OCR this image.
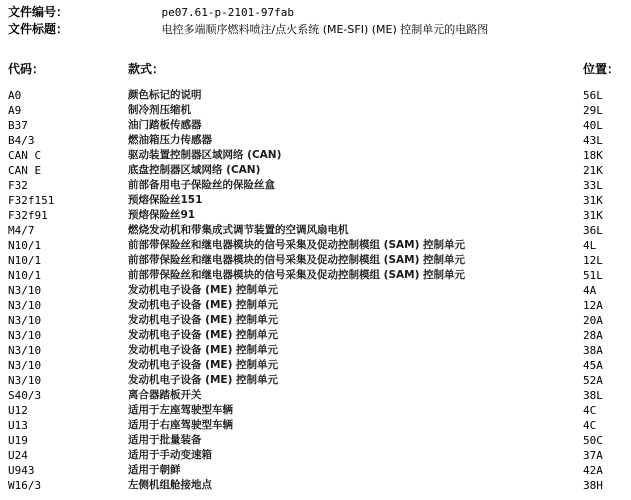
文件编号：	pe07.61-p-2101-97fab
文件标题：	电控多端顺序燃料喷注/点火系统 (ME-SFI) (ME) 控制单元的电路图
代码：	款式：	位置：
A0	颜色标记的说明	56L
A9	制冷剂压缩机	29L
B37	油门踏板传感器	40L
B4/3	燃油箱压力传感器	43L
CAN C	驱动装置控制器区域网络 (CAN)	18K
CAN E	底盘控制器区域网络 (CAN)	21K
F32	前部备用电子保险丝的保险丝盒	33L
F32f151	预熔保险丝151	31K
F32f91	预熔保险丝91	31K
M4/7	燃烧发动机和带集成式调节装置的空调风扇电机	36L
N10/1	前部带保险丝和继电器模块的信号采集及促动控制模组 (SAM) 控制单元	4L
N10/1	前部带保险丝和继电器模块的信号采集及促动控制模组 (SAM) 控制单元	12L
N10/1	前部带保险丝和继电器模块的信号采集及促动控制模组 (SAM) 控制单元	51L
N3/10	发动机电子设备 (ME) 控制单元	4A
N3/10	发动机电子设备 (ME) 控制单元	12A
N3/10	发动机电子设备 (ME) 控制单元	20A
N3/10	发动机电子设备 (ME) 控制单元	28A
N3/10	发动机电子设备 (ME) 控制单元	38A
N3/10	发动机电子设备 (ME) 控制单元	45A
N3/10	发动机电子设备 (ME) 控制单元	52A
S40/3	离合器踏板开关	38L
U12	适用于左座驾驶型车辆	4C
U13	适用于右座驾驶型车辆	4C
U19	适用于批量装备	50C
U24	适用于手动变速箱	37A
U943	适用于朝鲜	42A
W16/3	左侧机组舱接地点	38H
